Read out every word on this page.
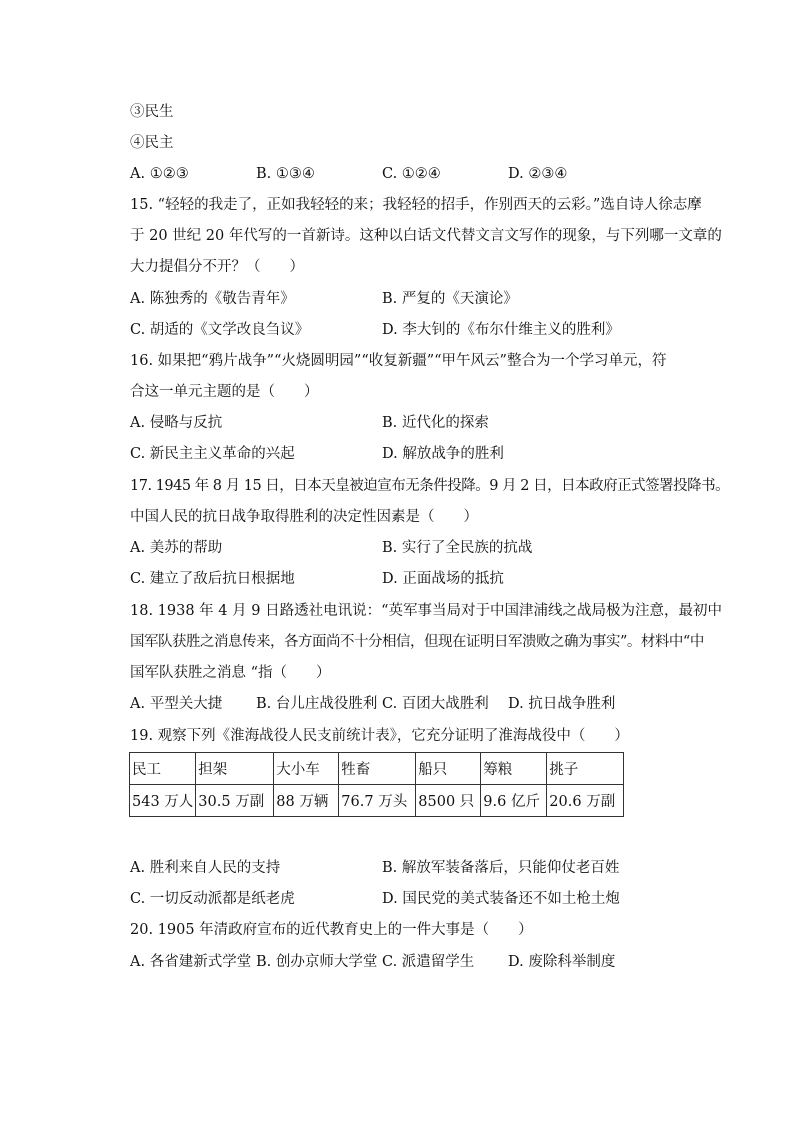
③民生
④民主
A. ①②③	B. ①③④	C. ①②④	D. ②③④
15. “轻轻的我走了，正如我轻轻的来；我轻轻的招手，作别西天的云彩。”选自诗人徐志摩
于 20 世纪 20 年代写的一首新诗。这种以白话文代替文言文写作的现象，与下列哪一文章的
大力提倡分不开？（　　）
A. 陈独秀的《敬告青年》	B. 严复的《天演论》
C. 胡适的《文学改良刍议》	D. 李大钊的《布尔什维主义的胜利》
16. 如果把“鸦片战争”“火烧圆明园”“收复新疆”“甲午风云”整合为一个学习单元，符
合这一单元主题的是（　　）
A. 侵略与反抗	B. 近代化的探索
C. 新民主主义革命的兴起	D. 解放战争的胜利
17. 1945 年 8 月 15 日，日本天皇被迫宣布无条件投降。9 月 2 日，日本政府正式签署投降书。
中国人民的抗日战争取得胜利的决定性因素是（　　）
A. 美苏的帮助	B. 实行了全民族的抗战
C. 建立了敌后抗日根据地	D. 正面战场的抵抗
18. 1938 年 4 月 9 日路透社电讯说：“英军事当局对于中国津浦线之战局极为注意，最初中
国军队获胜之消息传来，各方面尚不十分相信，但现在证明日军溃败之确为事实”。材料中“中
国军队获胜之消息 “指（　　）
A. 平型关大捷 B. 台儿庄战役胜利 C. 百团大战胜利 D. 抗日战争胜利
19. 观察下列《淮海战役人民支前统计表》，它充分证明了淮海战役中（　　）
民工	担架	大小车	牲畜	船只	筹粮	挑子
543 万人	30.5 万副	88 万辆	76.7 万头	8500 只	9.6 亿斤	20.6 万副
A. 胜利来自人民的支持	B. 解放军装备落后，只能仰仗老百姓
C. 一切反动派都是纸老虎	D. 国民党的美式装备还不如土枪土炮
20. 1905 年清政府宣布的近代教育史上的一件大事是（　　）
A. 各省建新式学堂 B. 创办京师大学堂 C. 派遣留学生 D. 废除科举制度
